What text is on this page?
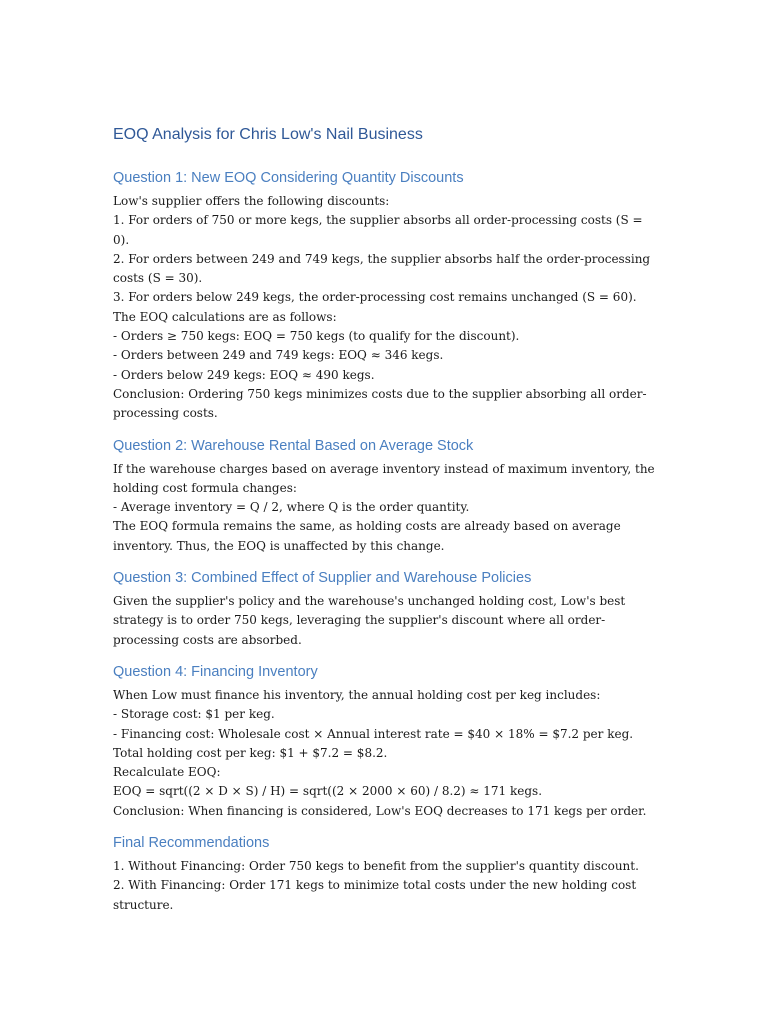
EOQ Analysis for Chris Low's Nail Business
Question 1: New EOQ Considering Quantity Discounts

Low's supplier offers the following discounts:

1. For orders of 750 or more kegs, the supplier absorbs all order-processing costs (S = 0).

2. For orders between 249 and 749 kegs, the supplier absorbs half the order-processing costs (S = 30).

3. For orders below 249 kegs, the order-processing cost remains unchanged (S = 60).

The EOQ calculations are as follows:

- Orders ≥ 750 kegs: EOQ = 750 kegs (to qualify for the discount).

- Orders between 249 and 749 kegs: EOQ ≈ 346 kegs.

- Orders below 249 kegs: EOQ ≈ 490 kegs.

Conclusion: Ordering 750 kegs minimizes costs due to the supplier absorbing all order-processing costs.

Question 2: Warehouse Rental Based on Average Stock

If the warehouse charges based on average inventory instead of maximum inventory, the holding cost formula changes:

- Average inventory = Q / 2, where Q is the order quantity.

The EOQ formula remains the same, as holding costs are already based on average inventory. Thus, the EOQ is unaffected by this change.

Question 3: Combined Effect of Supplier and Warehouse Policies

Given the supplier's policy and the warehouse's unchanged holding cost, Low's best strategy is to order 750 kegs, leveraging the supplier's discount where all order-processing costs are absorbed.

Question 4: Financing Inventory

When Low must finance his inventory, the annual holding cost per keg includes:

- Storage cost: $1 per keg.

- Financing cost: Wholesale cost × Annual interest rate = $40 × 18% = $7.2 per keg.

Total holding cost per keg: $1 + $7.2 = $8.2.

Recalculate EOQ:

EOQ = sqrt((2 × D × S) / H) = sqrt((2 × 2000 × 60) / 8.2) ≈ 171 kegs.

Conclusion: When financing is considered, Low's EOQ decreases to 171 kegs per order.

Final Recommendations

1. Without Financing: Order 750 kegs to benefit from the supplier's quantity discount.

2. With Financing: Order 171 kegs to minimize total costs under the new holding cost structure.
